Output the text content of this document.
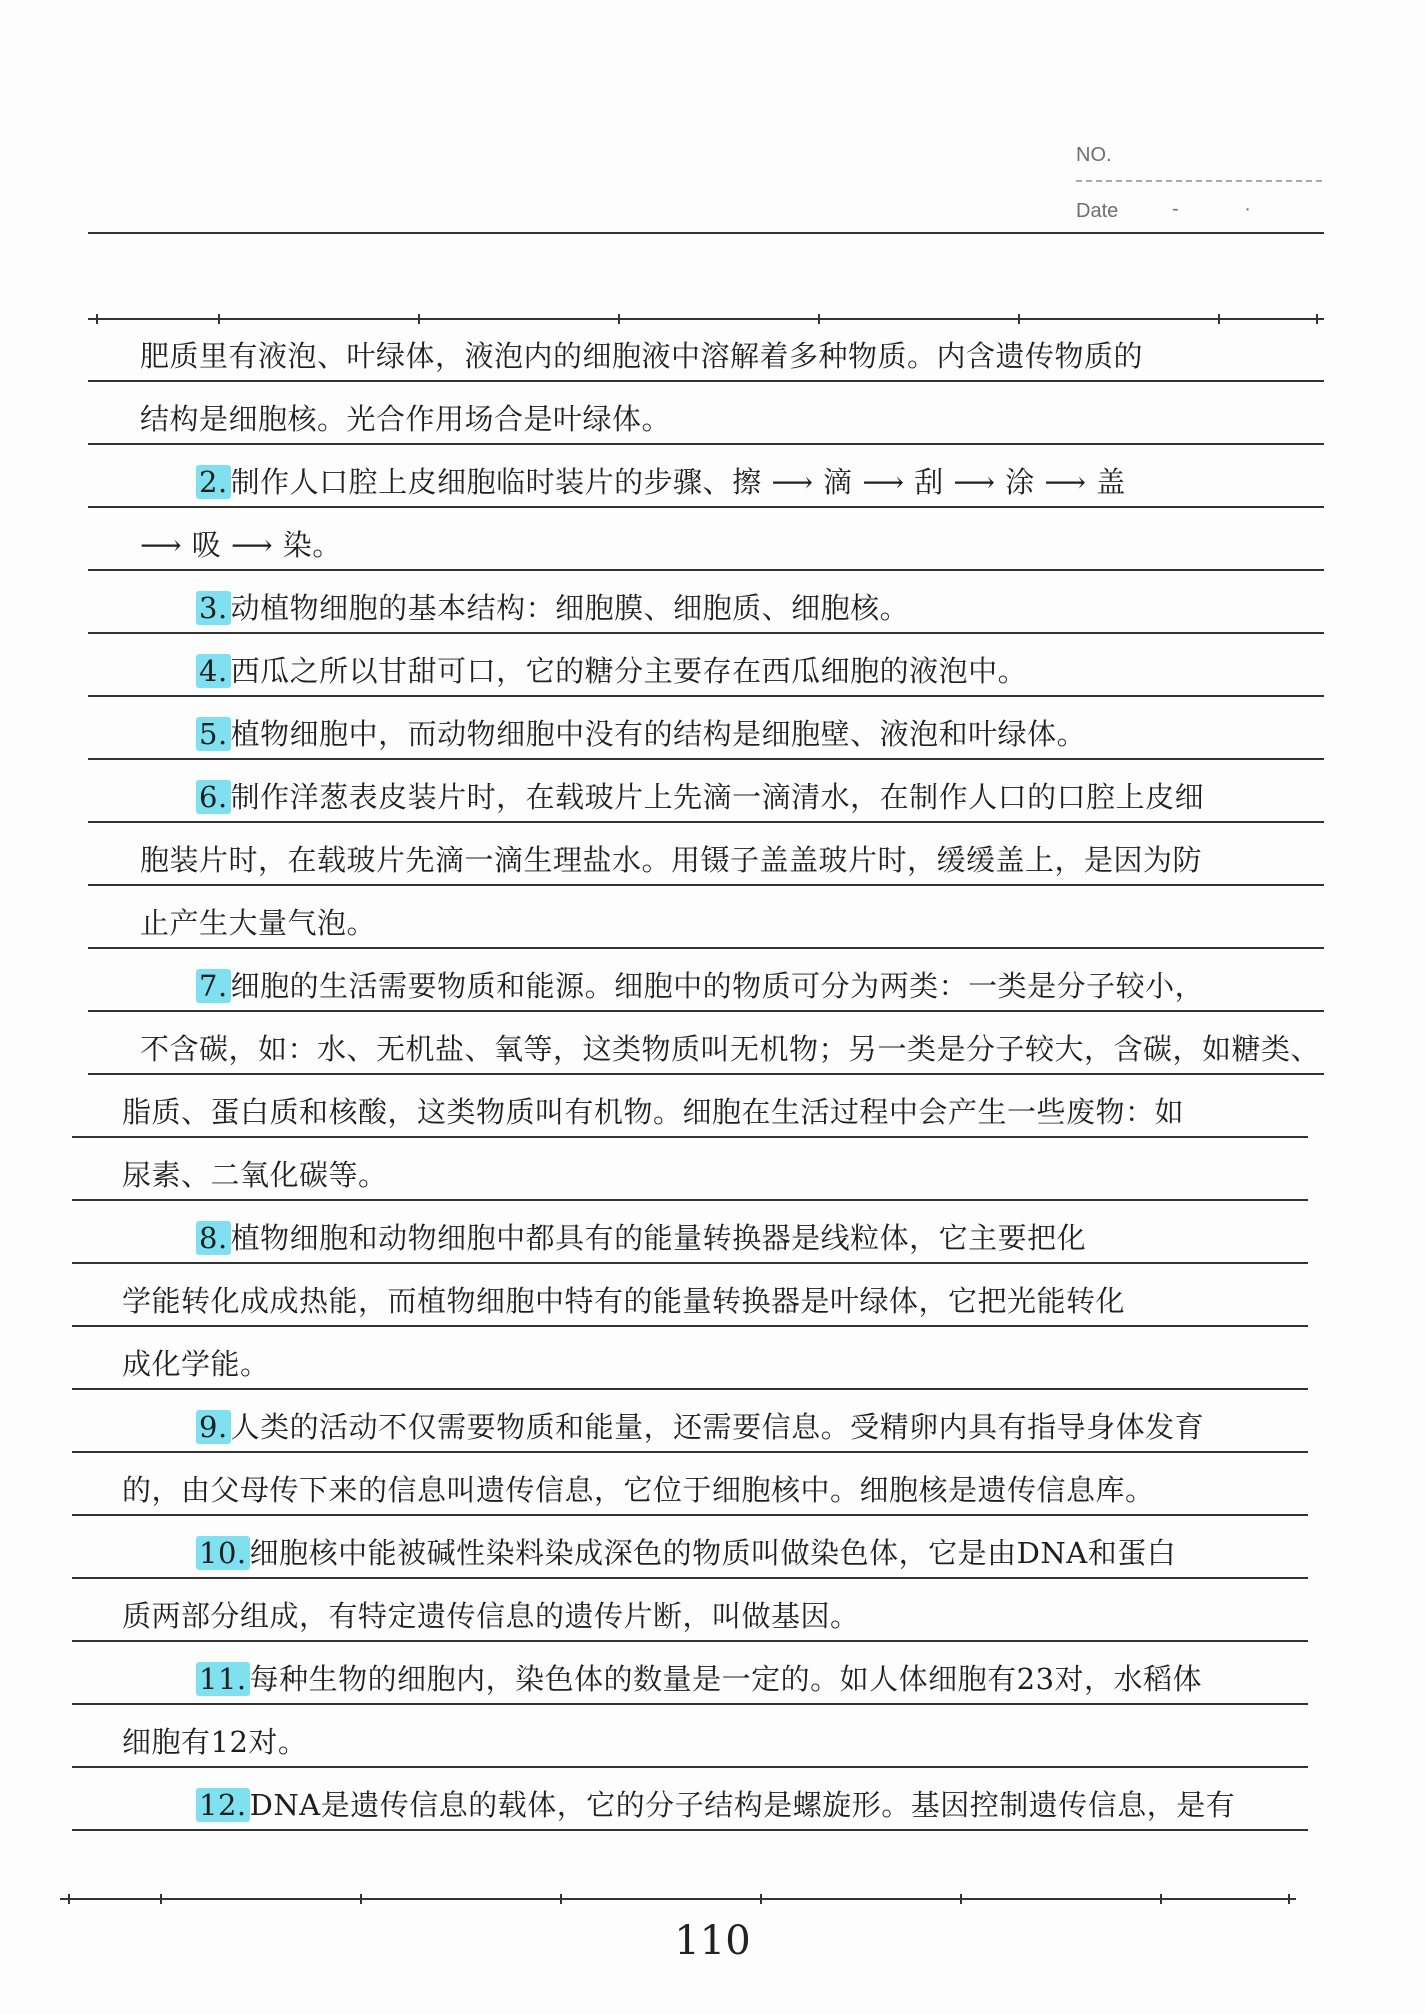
NO.
Date	- ·
肥质里有液泡、叶绿体，液泡内的细胞液中溶解着多种物质。内含遗传物质的
结构是细胞核。光合作用场合是叶绿体。
2. 制作人口腔上皮细胞临时装片的步骤、擦 ⟶ 滴 ⟶ 刮 ⟶ 涂 ⟶ 盖
⟶ 吸 ⟶ 染。
3. 动植物细胞的基本结构：细胞膜、细胞质、细胞核。
4. 西瓜之所以甘甜可口，它的糖分主要存在西瓜细胞的液泡中。
5. 植物细胞中，而动物细胞中没有的结构是细胞壁、液泡和叶绿体。
6. 制作洋葱表皮装片时，在载玻片上先滴一滴清水，在制作人口的口腔上皮细
胞装片时，在载玻片先滴一滴生理盐水。用镊子盖盖玻片时，缓缓盖上，是因为防
止产生大量气泡。
7. 细胞的生活需要物质和能源。细胞中的物质可分为两类：一类是分子较小，
不含碳，如：水、无机盐、氧等，这类物质叫无机物；另一类是分子较大，含碳，如糖类、
脂质、蛋白质和核酸，这类物质叫有机物。细胞在生活过程中会产生一些废物：如
尿素、二氧化碳等。
8. 植物细胞和动物细胞中都具有的能量转换器是线粒体，它主要把化
学能转化成成热能，而植物细胞中特有的能量转换器是叶绿体，它把光能转化
成化学能。
9. 人类的活动不仅需要物质和能量，还需要信息。受精卵内具有指导身体发育
的，由父母传下来的信息叫遗传信息，它位于细胞核中。细胞核是遗传信息库。
10. 细胞核中能被碱性染料染成深色的物质叫做染色体，它是由DNA和蛋白
质两部分组成，有特定遗传信息的遗传片断，叫做基因。
11. 每种生物的细胞内，染色体的数量是一定的。如人体细胞有23对，水稻体
细胞有12对。
12. DNA是遗传信息的载体，它的分子结构是螺旋形。基因控制遗传信息，是有
110
